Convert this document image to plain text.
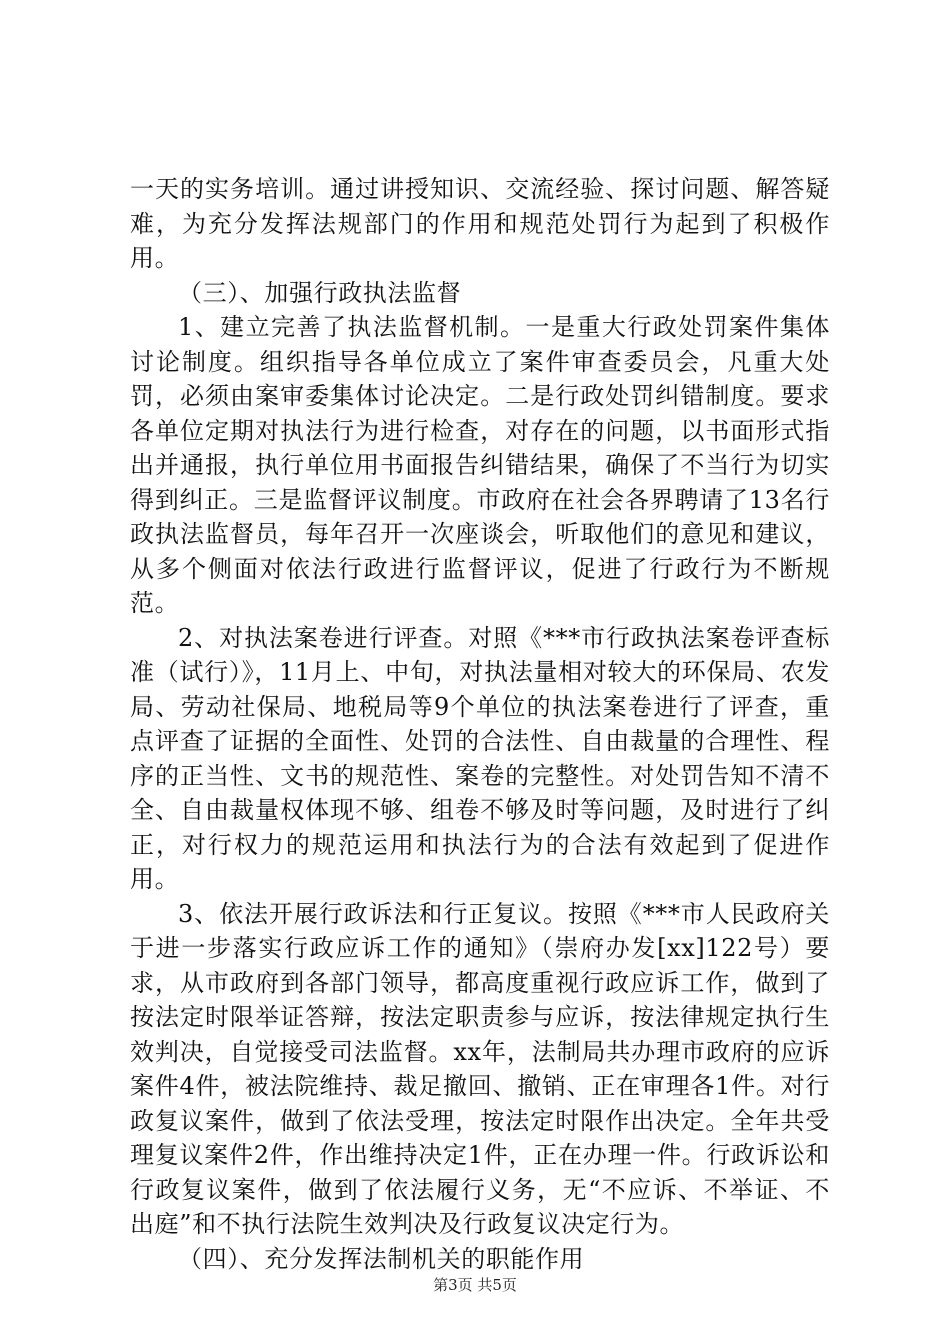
一天的实务培训。通过讲授知识、交流经验、探讨问题、解答疑难，为充分发挥法规部门的作用和规范处罚行为起到了积极作用。

（三）、加强行政执法监督

1、建立完善了执法监督机制。一是重大行政处罚案件集体讨论制度。组织指导各单位成立了案件审查委员会，凡重大处罚，必须由案审委集体讨论决定。二是行政处罚纠错制度。要求各单位定期对执法行为进行检查，对存在的问题，以书面形式指出并通报，执行单位用书面报告纠错结果，确保了不当行为切实得到纠正。三是监督评议制度。市政府在社会各界聘请了13名行政执法监督员，每年召开一次座谈会，听取他们的意见和建议，从多个侧面对依法行政进行监督评议，促进了行政行为不断规范。

2、对执法案卷进行评查。对照《***市行政执法案卷评查标准（试行）》，11月上、中旬，对执法量相对较大的环保局、农发局、劳动社保局、地税局等9个单位的执法案卷进行了评查，重点评查了证据的全面性、处罚的合法性、自由裁量的合理性、程序的正当性、文书的规范性、案卷的完整性。对处罚告知不清不全、自由裁量权体现不够、组卷不够及时等问题，及时进行了纠正，对行权力的规范运用和执法行为的合法有效起到了促进作用。

3、依法开展行政诉法和行正复议。按照《***市人民政府关于进一步落实行政应诉工作的通知》（崇府办发[xx]122号）要求，从市政府到各部门领导，都高度重视行政应诉工作，做到了按法定时限举证答辩，按法定职责参与应诉，按法律规定执行生效判决，自觉接受司法监督。xx年，法制局共办理市政府的应诉案件4件，被法院维持、裁足撤回、撤销、正在审理各1件。对行政复议案件，做到了依法受理，按法定时限作出决定。全年共受理复议案件2件，作出维持决定1件，正在办理一件。行政诉讼和行政复议案件，做到了依法履行义务，无“不应诉、不举证、不出庭”和不执行法院生效判决及行政复议决定行为。

（四）、充分发挥法制机关的职能作用

第3页 共5页
